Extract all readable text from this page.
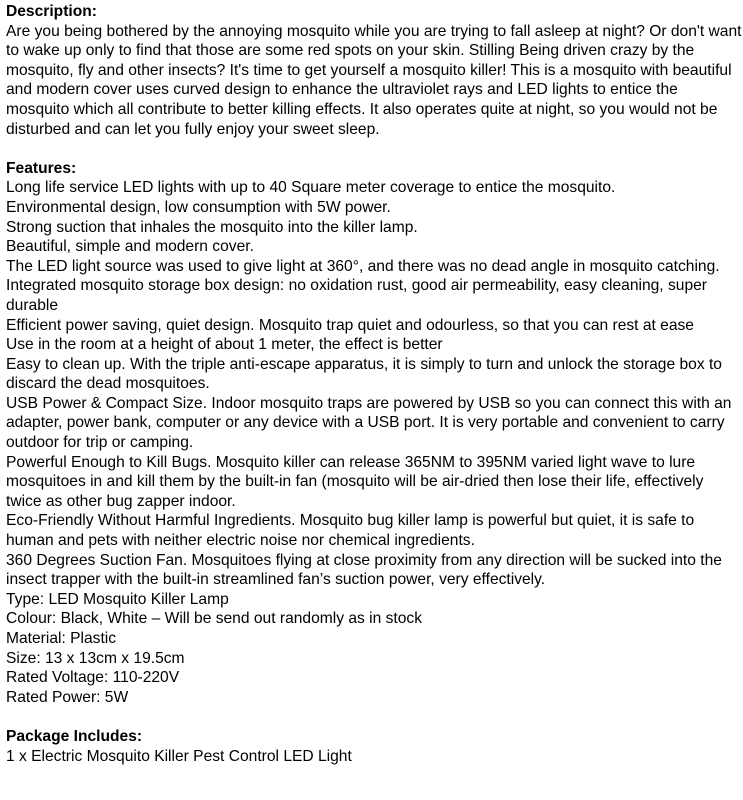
Description:

Are you being bothered by the annoying mosquito while you are trying to fall asleep at night? Or don't want to wake up only to find that those are some red spots on your skin. Stilling Being driven crazy by the mosquito, fly and other insects? It's time to get yourself a mosquito killer! This is a mosquito with beautiful and modern cover uses curved design to enhance the ultraviolet rays and LED lights to entice the mosquito which all contribute to better killing effects. It also operates quite at night, so you would not be disturbed and can let you fully enjoy your sweet sleep.

Features:

Long life service LED lights with up to 40 Square meter coverage to entice the mosquito.
Environmental design, low consumption with 5W power.
Strong suction that inhales the mosquito into the killer lamp.
Beautiful, simple and modern cover.
The LED light source was used to give light at 360°, and there was no dead angle in mosquito catching.
Integrated mosquito storage box design: no oxidation rust, good air permeability, easy cleaning, super durable
Efficient power saving, quiet design. Mosquito trap quiet and odourless, so that you can rest at ease
Use in the room at a height of about 1 meter, the effect is better
Easy to clean up. With the triple anti-escape apparatus, it is simply to turn and unlock the storage box to discard the dead mosquitoes.
USB Power & Compact Size. Indoor mosquito traps are powered by USB so you can connect this with an adapter, power bank, computer or any device with a USB port. It is very portable and convenient to carry outdoor for trip or camping.
Powerful Enough to Kill Bugs. Mosquito killer can release 365NM to 395NM varied light wave to lure mosquitoes in and kill them by the built-in fan (mosquito will be air-dried then lose their life, effectively twice as other bug zapper indoor.
Eco-Friendly Without Harmful Ingredients. Mosquito bug killer lamp is powerful but quiet, it is safe to human and pets with neither electric noise nor chemical ingredients.
360 Degrees Suction Fan. Mosquitoes flying at close proximity from any direction will be sucked into the insect trapper with the built-in streamlined fan’s suction power, very effectively.
Type: LED Mosquito Killer Lamp
Colour: Black, White – Will be send out randomly as in stock
Material: Plastic
Size: 13 x 13cm x 19.5cm
Rated Voltage: 110-220V
Rated Power: 5W

Package Includes:

1 x Electric Mosquito Killer Pest Control LED Light
